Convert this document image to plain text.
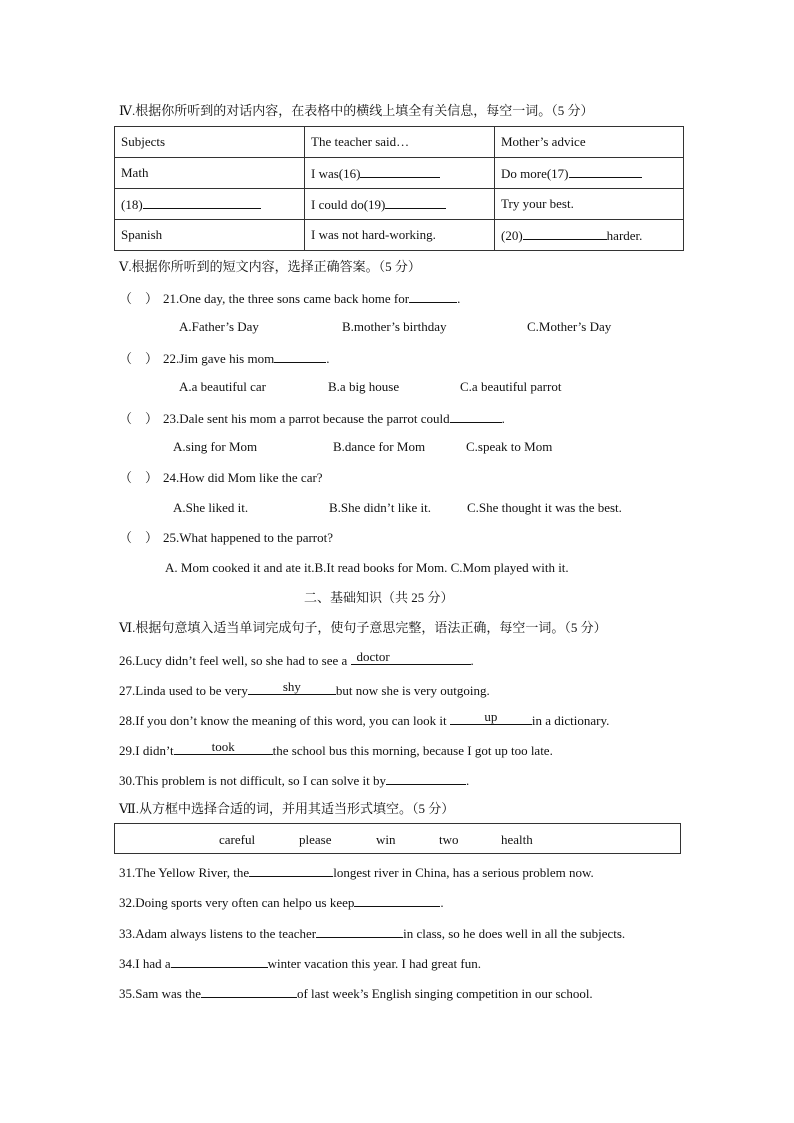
Ⅳ.根据你所听到的对话内容，在表格中的横线上填全有关信息，每空一词。（5 分）
Subjects	The teacher said…	Mother’s advice
Math	I was(16)	Do more(17)
(18)	I could do(19)	Try your best.
Spanish	I was not hard-working.	(20) harder.
Ⅴ.根据你所听到的短文内容，选择正确答案。（5 分）
（　） 21.One day, the three sons came back home for	.
A.Father’s Day	B.mother’s birthday	C.Mother’s Day
（　） 22.Jim gave his mom	.
A.a beautiful car	B.a big house	C.a beautiful parrot
（　） 23.Dale sent his mom a parrot because the parrot could	.
A.sing for Mom	B.dance for Mom	C.speak to Mom
（　） 24.How did Mom like the car?
A.She liked it.	B.She didn’t like it.	C.She thought it was the best.
（　） 25.What happened to the parrot?
A. Mom cooked it and ate it.B.It read books for Mom. C.Mom played with it.
二、基础知识（共 25 分）
Ⅵ.根据句意填入适当单词完成句子，使句子意思完整，语法正确，每空一词。（5 分）
26.Lucy didn’t feel well, so she had to see a doctor	.
27.Linda used to be very	shy	but now she is very outgoing.
28.If you don’t know the meaning of this word, you can look it	up	in a dictionary.
29.I didn’t	took	the school bus this morning, because I got up too late.
30.This problem is not difficult, so I can solve it by	.
Ⅶ.从方框中选择合适的词，并用其适当形式填空。（5 分）
careful	please	win	two	health
31.The Yellow River, the	longest river in China, has a serious problem now.
32.Doing sports very often can helpo us keep	.
33.Adam always listens to the teacher	in class, so he does well in all the subjects.
34.I had a	winter vacation this year. I had great fun.
35.Sam was the	of last week’s English singing competition in our school.
